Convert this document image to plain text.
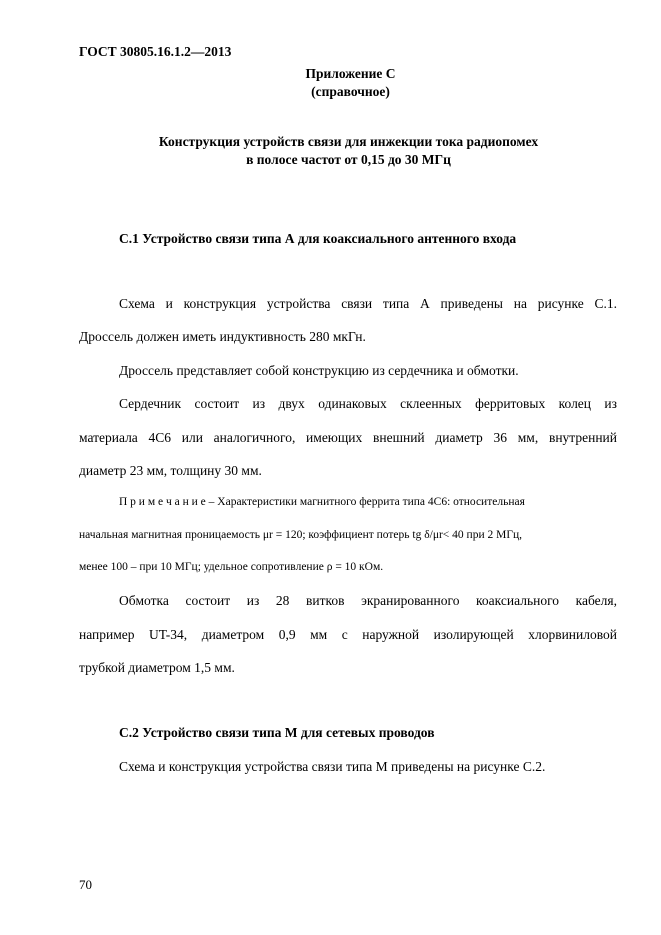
ГОСТ 30805.16.1.2—2013
Приложение С
(справочное)
Конструкция устройств связи для инжекции тока радиопомех
в полосе частот от 0,15 до 30 МГц
С.1 Устройство связи типа А для коаксиального антенного входа
Схема и конструкция устройства связи типа А приведены на рисунке С.1.
Дроссель должен иметь индуктивность 280 мкГн.
Дроссель представляет собой конструкцию из сердечника и обмотки.
Сердечник состоит из двух одинаковых склеенных ферритовых колец из
материала 4С6 или аналогичного, имеющих внешний диаметр 36 мм, внутренний
диаметр 23 мм, толщину 30 мм.
П р и м е ч а н и е – Характеристики магнитного феррита типа 4С6: относительная
начальная магнитная проницаемость μr = 120; коэффициент потерь tg δ/μr< 40 при 2 МГц,
менее 100 – при 10 МГц; удельное сопротивление ρ = 10 кОм.
Обмотка состоит из 28 витков экранированного коаксиального кабеля,
например UT-34, диаметром 0,9 мм с наружной изолирующей хлорвиниловой
трубкой диаметром 1,5 мм.
С.2 Устройство связи типа М для сетевых проводов
Схема и конструкция устройства связи типа М приведены на рисунке С.2.
70
